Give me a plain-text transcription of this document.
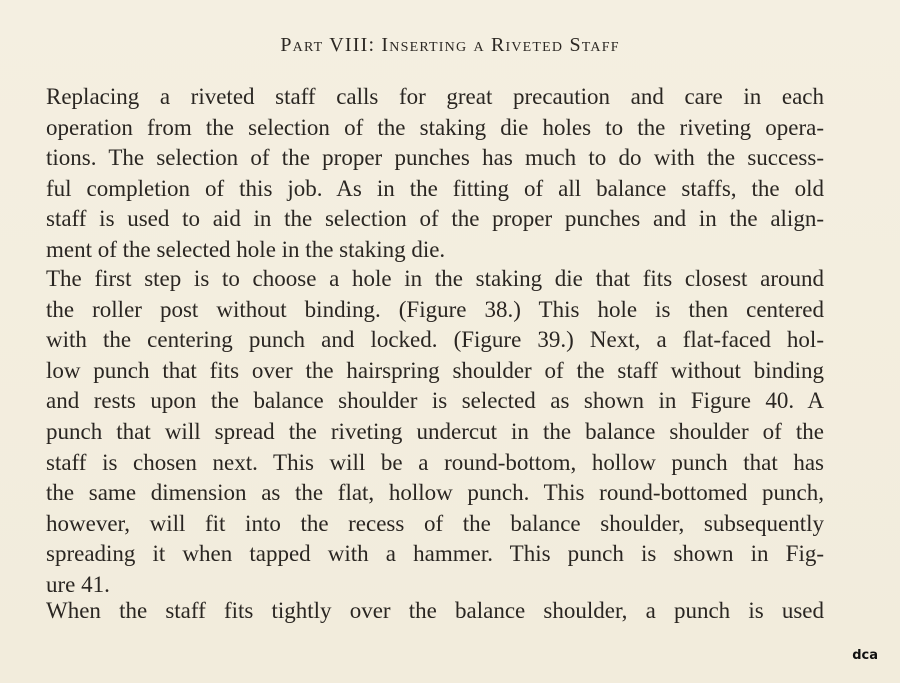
Part VIII: Inserting a Riveted Staff
Replacing a riveted staff calls for great precaution and care in each
operation from the selection of the staking die holes to the riveting opera-
tions. The selection of the proper punches has much to do with the success-
ful completion of this job. As in the fitting of all balance staffs, the old
staff is used to aid in the selection of the proper punches and in the align-
ment of the selected hole in the staking die.
The first step is to choose a hole in the staking die that fits closest around
the roller post without binding. (Figure 38.) This hole is then centered
with the centering punch and locked. (Figure 39.) Next, a flat-faced hol-
low punch that fits over the hairspring shoulder of the staff without binding
and rests upon the balance shoulder is selected as shown in Figure 40. A
punch that will spread the riveting undercut in the balance shoulder of the
staff is chosen next. This will be a round-bottom, hollow punch that has
the same dimension as the flat, hollow punch. This round-bottomed punch,
however, will fit into the recess of the balance shoulder, subsequently
spreading it when tapped with a hammer. This punch is shown in Fig-
ure 41.
When the staff fits tightly over the balance shoulder, a punch is used
dca
